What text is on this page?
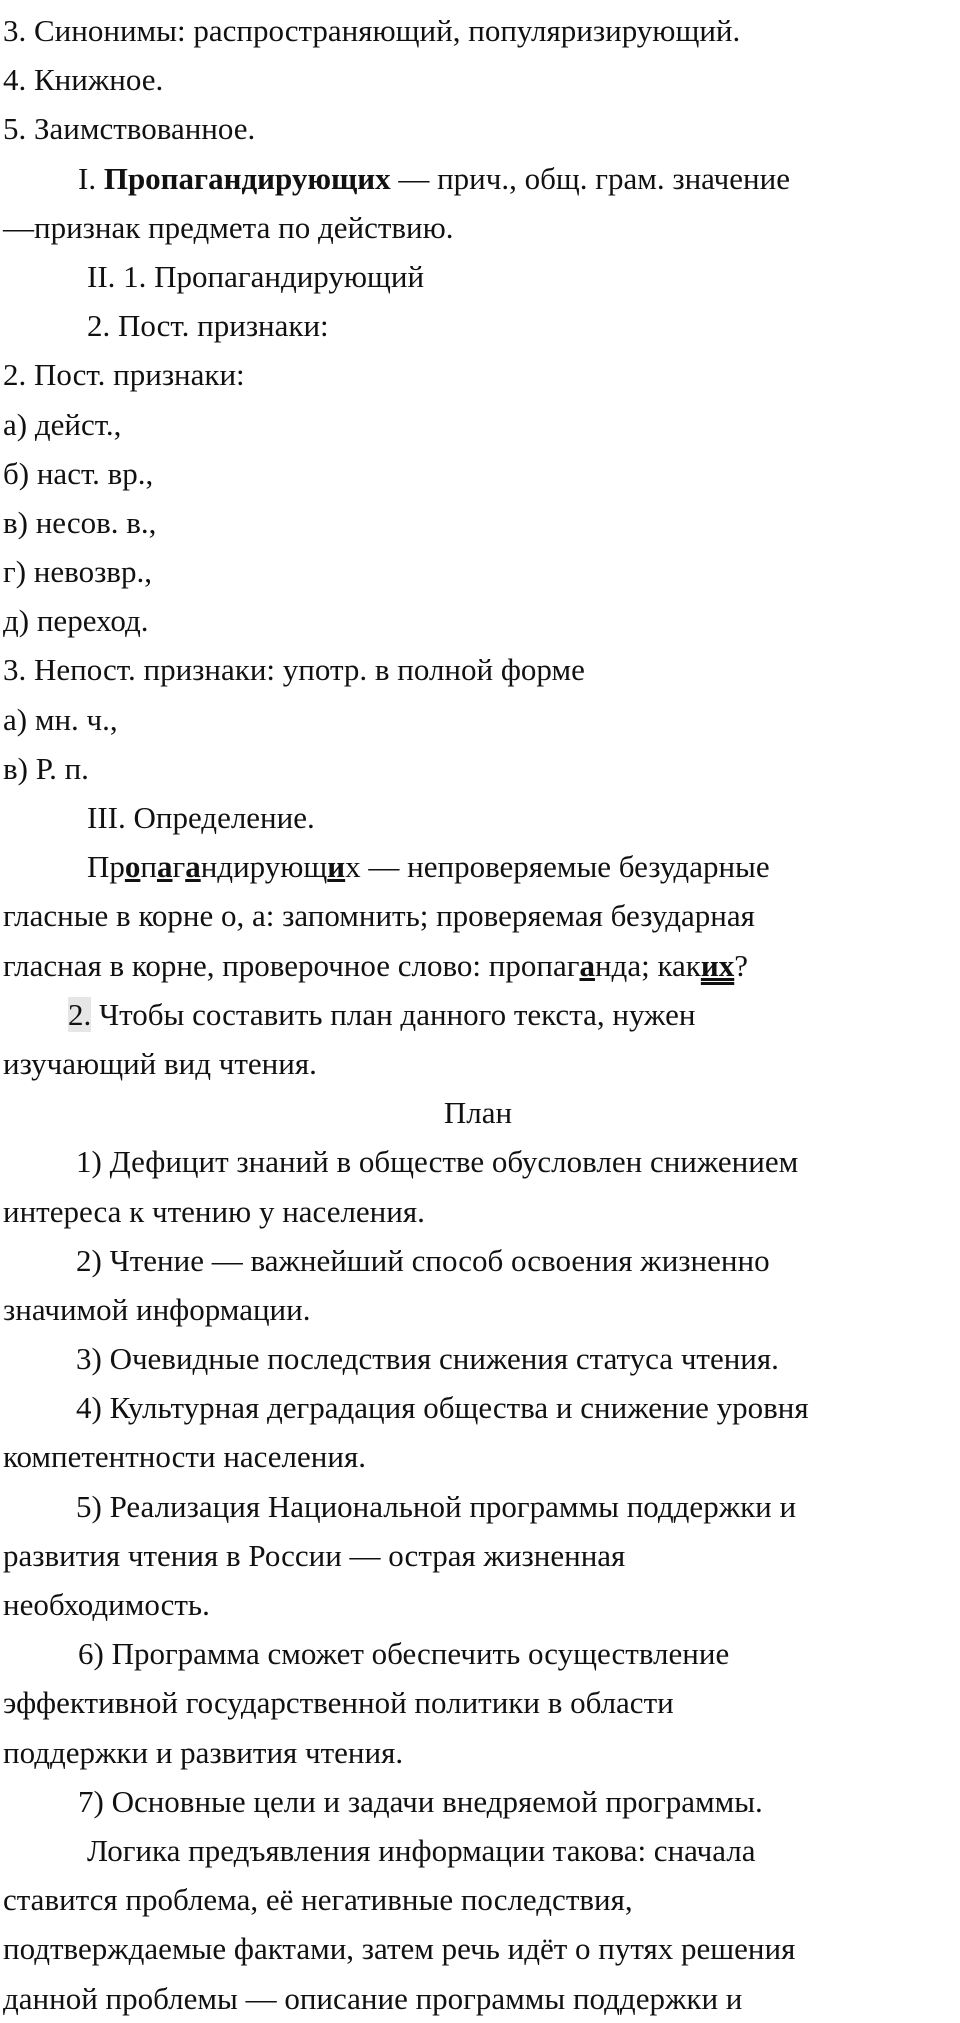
3. Синонимы: распространяющий, популяризирующий.
4. Книжное.
5. Заимствованное.
I. Пропагандирующих — прич., общ. грам. значение
—признак предмета по действию.
II. 1. Пропагандирующий
2. Пост. признаки:
2. Пост. признаки:
а) дейст.,
б) наст. вр.,
в) несов. в.,
г) невозвр.,
д) переход.
3. Непост. признаки: употр. в полной форме
а) мн. ч.,
в) Р. п.
III. Определение.
Пропагандирующих — непроверяемые безударные
гласные в корне о, а: запомнить; проверяемая безударная
гласная в корне, проверочное слово: пропаганда; каких?
2. Чтобы составить план данного текста, нужен
изучающий вид чтения.
План
1) Дефицит знаний в обществе обусловлен снижением
интереса к чтению у населения.
2) Чтение — важнейший способ освоения жизненно
значимой информации.
3) Очевидные последствия снижения статуса чтения.
4) Культурная деградация общества и снижение уровня
компетентности населения.
5) Реализация Национальной программы поддержки и
развития чтения в России — острая жизненная
необходимость.
6) Программа сможет обеспечить осуществление
эффективной государственной политики в области
поддержки и развития чтения.
7) Основные цели и задачи внедряемой программы.
Логика предъявления информации такова: сначала
ставится проблема, её негативные последствия,
подтверждаемые фактами, затем речь идёт о путях решения
данной проблемы — описание программы поддержки и
